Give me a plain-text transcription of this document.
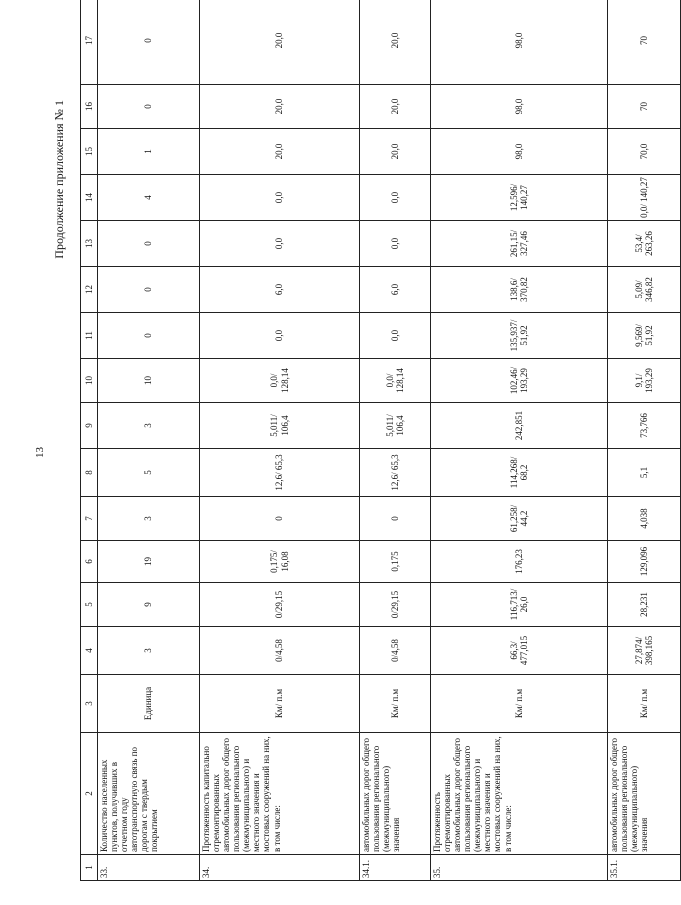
13
Продолжение приложения № 1
1	2	3	4	5	6	7	8	9	10	11	12	13	14	15	16	17
33.	Количество населенных пунктов, получивших в отчетном году автотранспортную связь по дорогам с твердым покрытием	Единица	3	9	19	3	5	3	10	0	0	0	4	1	0	0
34.	Протяженность капитально отремонтированных автомобильных дорог общего пользования регионального (межмуниципального) и местного значения и мостовых сооружений на них, в том числе:	Км/ п.м	0/4,58	0/29,15	0,175/ 16,08	0	12,6/ 65,3	5,011/ 106,4	0,0/ 128,14	0,0	6,0	0,0	0,0	20,0	20,0	20,0
34.1.	автомобильных дорог общего пользования регионального (межмуниципального) значения	Км/ п.м	0/4,58	0/29,15	0,175	0	12,6/ 65,3	5,011/ 106,4	0,0/ 128,14	0,0	6,0	0,0	0,0	20,0	20,0	20,0
35.	Протяженность отремонтированных автомобильных дорог общего пользования регионального (межмуниципального) и местного значения и мостовых сооружений на них, в том числе:	Км/ п.м	66,3/ 477,015	116,713/ 26,0	176,23	61,258/ 44,2	114,268/ 68,2	242,851	102,46/ 193,29	135,937/ 51,92	138,6/ 370,82	261,15/ 327,46	12,596/ 140,27	98,0	98,0	98,0
35.1.	автомобильных дорог общего пользования регионального (межмуниципального) значения	Км/ п.м	27,874/ 398,165	28,231	129,096	4,038	5,1	73,766	9,1/ 193,29	9,569/ 51,92	5,09/ 346,82	53,4/ 263,26	0,0/ 140,27	70,0	70	70
